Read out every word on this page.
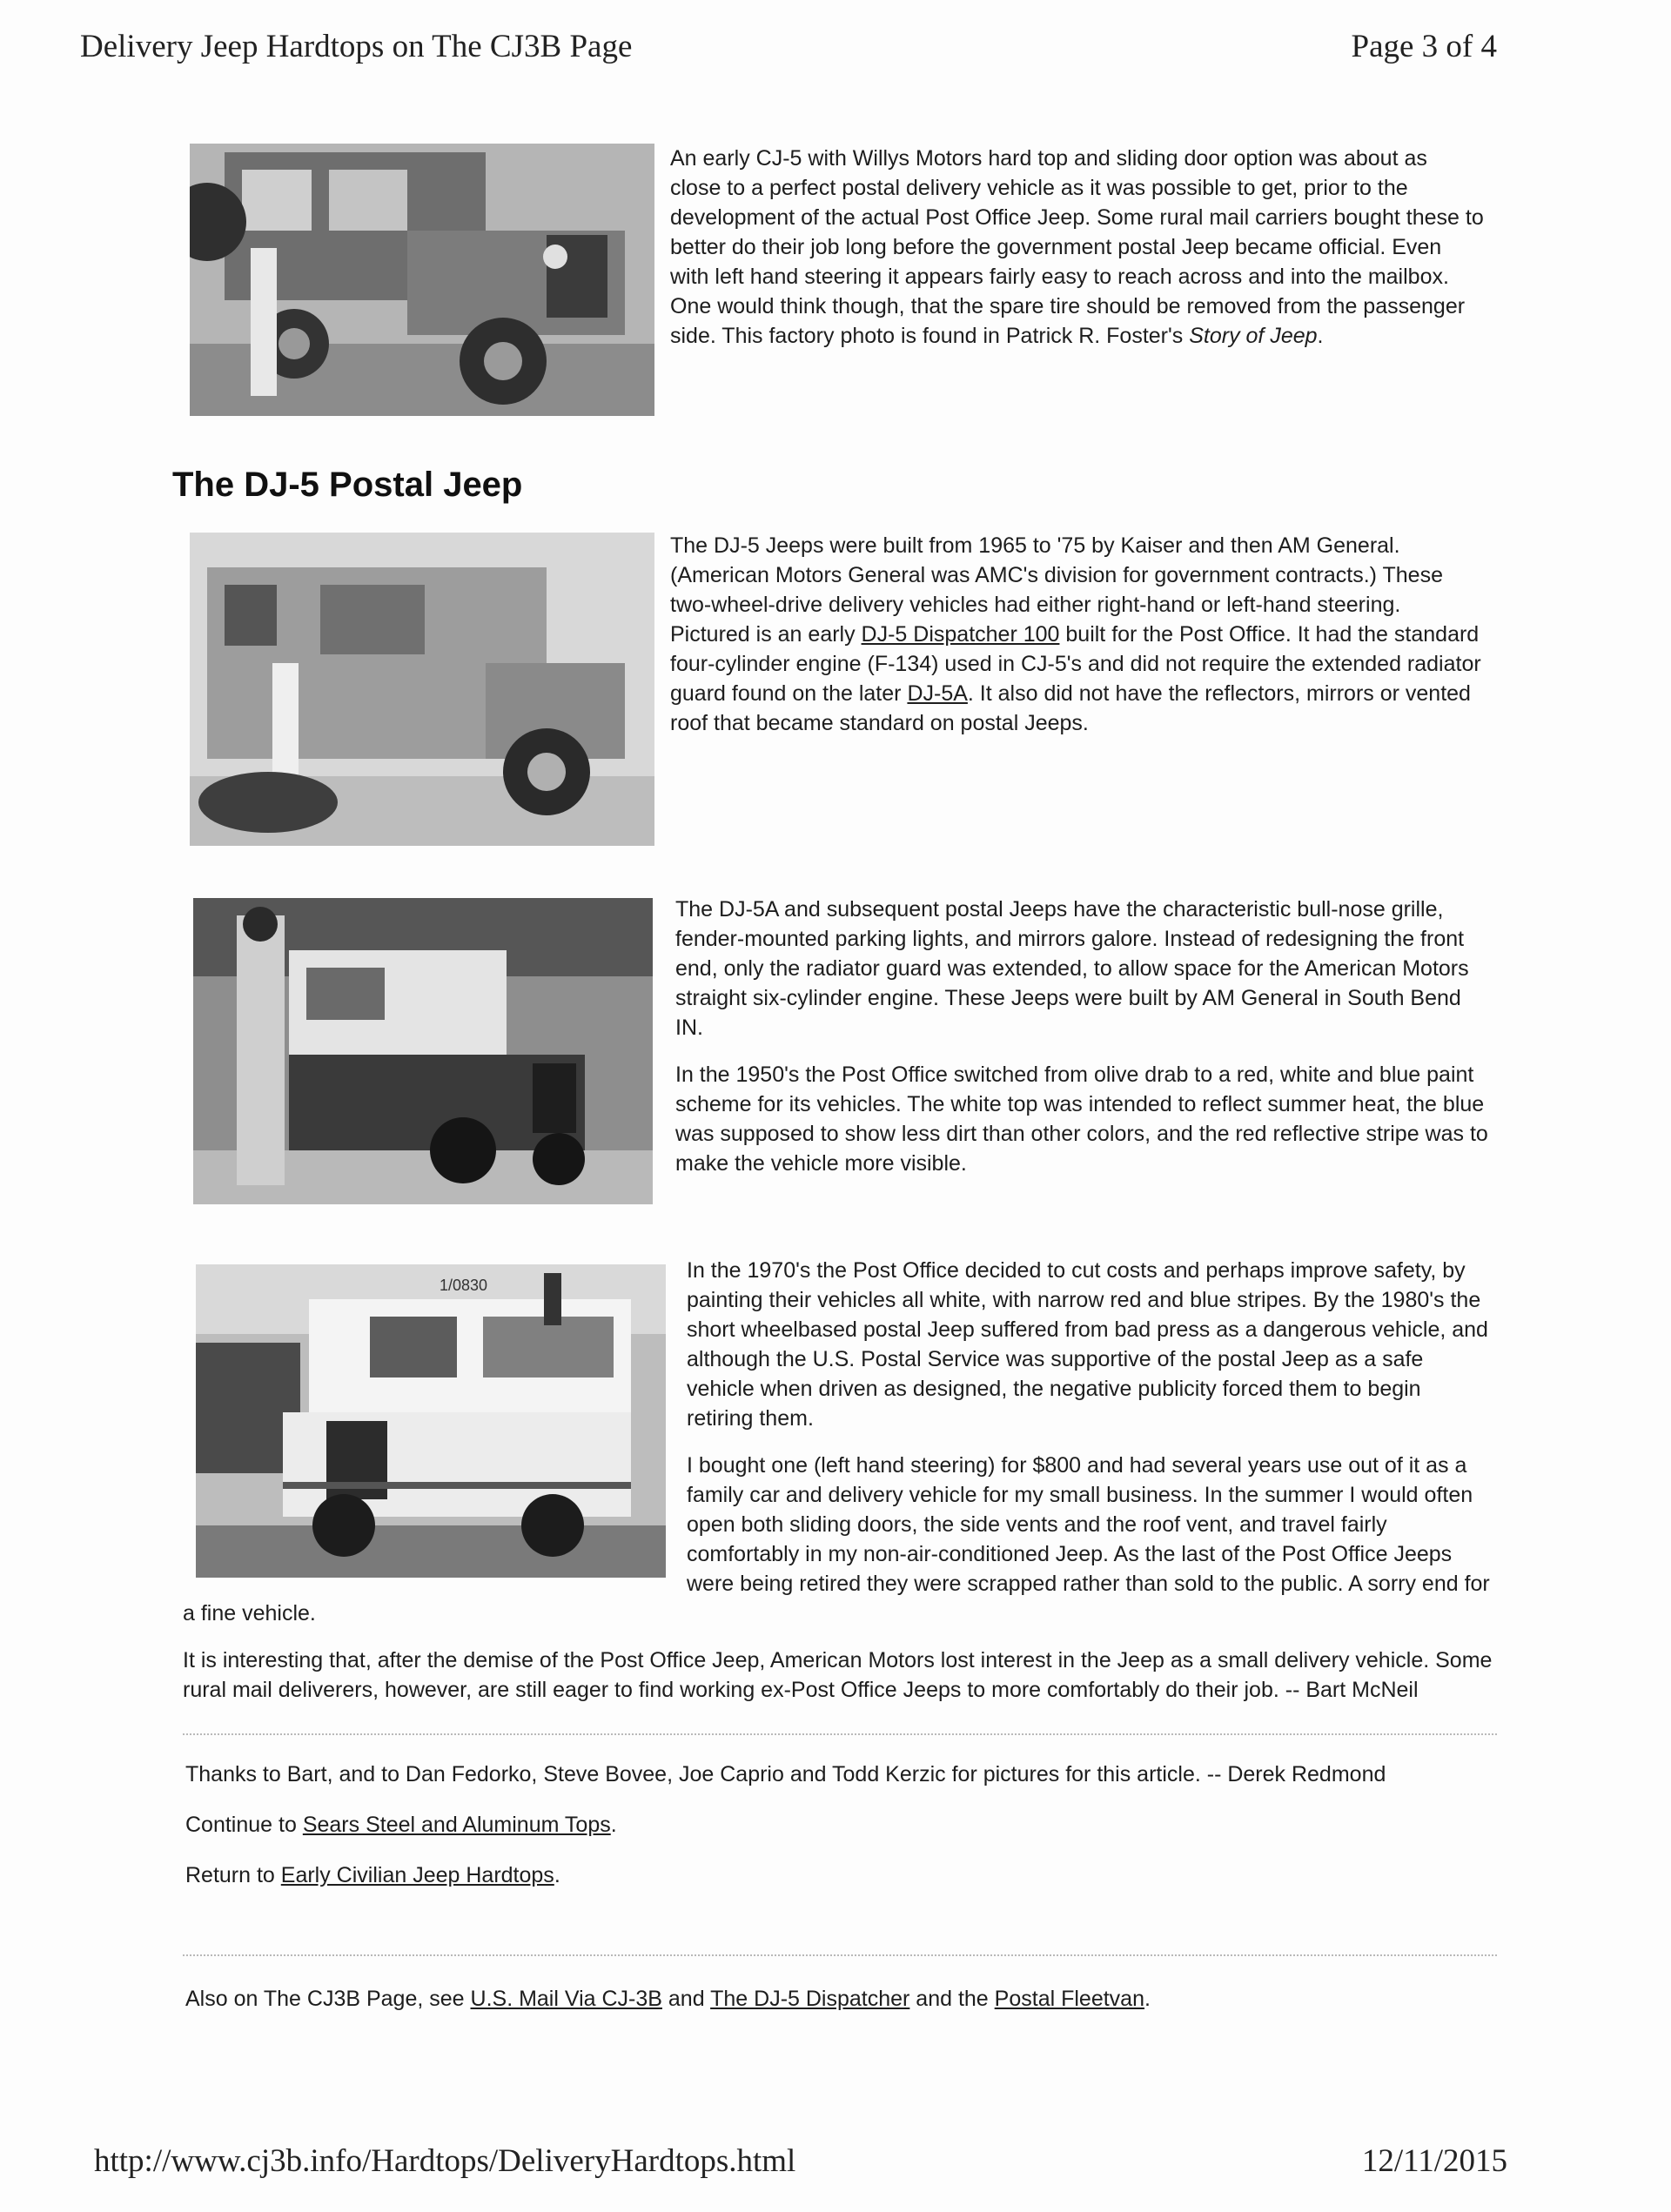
Delivery Jeep Hardtops on The CJ3B Page	Page 3 of 4

An early CJ-5 with Willys Motors hard top and sliding door option was about as close to a perfect postal delivery vehicle as it was possible to get, prior to the development of the actual Post Office Jeep. Some rural mail carriers bought these to better do their job long before the government postal Jeep became official. Even with left hand steering it appears fairly easy to reach across and into the mailbox. One would think though, that the spare tire should be removed from the passenger side. This factory photo is found in Patrick R. Foster's Story of Jeep.

The DJ-5 Postal Jeep

The DJ-5 Jeeps were built from 1965 to '75 by Kaiser and then AM General. (American Motors General was AMC's division for government contracts.) These two-wheel-drive delivery vehicles had either right-hand or left-hand steering. Pictured is an early DJ-5 Dispatcher 100 built for the Post Office. It had the standard four-cylinder engine (F-134) used in CJ-5's and did not require the extended radiator guard found on the later DJ-5A. It also did not have the reflectors, mirrors or vented roof that became standard on postal Jeeps.

The DJ-5A and subsequent postal Jeeps have the characteristic bull-nose grille, fender-mounted parking lights, and mirrors galore. Instead of redesigning the front end, only the radiator guard was extended, to allow space for the American Motors straight six-cylinder engine. These Jeeps were built by AM General in South Bend IN.

In the 1950's the Post Office switched from olive drab to a red, white and blue paint scheme for its vehicles. The white top was intended to reflect summer heat, the blue was supposed to show less dirt than other colors, and the red reflective stripe was to make the vehicle more visible.

1/0830

In the 1970's the Post Office decided to cut costs and perhaps improve safety, by painting their vehicles all white, with narrow red and blue stripes. By the 1980's the short wheelbased postal Jeep suffered from bad press as a dangerous vehicle, and although the U.S. Postal Service was supportive of the postal Jeep as a safe vehicle when driven as designed, the negative publicity forced them to begin retiring them.

I bought one (left hand steering) for $800 and had several years use out of it as a family car and delivery vehicle for my small business. In the summer I would often open both sliding doors, the side vents and the roof vent, and travel fairly comfortably in my non-air-conditioned Jeep. As the last of the Post Office Jeeps were being retired they were scrapped rather than sold to the public. A sorry end for a fine vehicle.

It is interesting that, after the demise of the Post Office Jeep, American Motors lost interest in the Jeep as a small delivery vehicle. Some rural mail deliverers, however, are still eager to find working ex-Post Office Jeeps to more comfortably do their job. -- Bart McNeil

Thanks to Bart, and to Dan Fedorko, Steve Bovee, Joe Caprio and Todd Kerzic for pictures for this article. -- Derek Redmond

Continue to Sears Steel and Aluminum Tops.

Return to Early Civilian Jeep Hardtops.

Also on The CJ3B Page, see U.S. Mail Via CJ-3B and The DJ-5 Dispatcher and the Postal Fleetvan.

http://www.cj3b.info/Hardtops/DeliveryHardtops.html	12/11/2015
